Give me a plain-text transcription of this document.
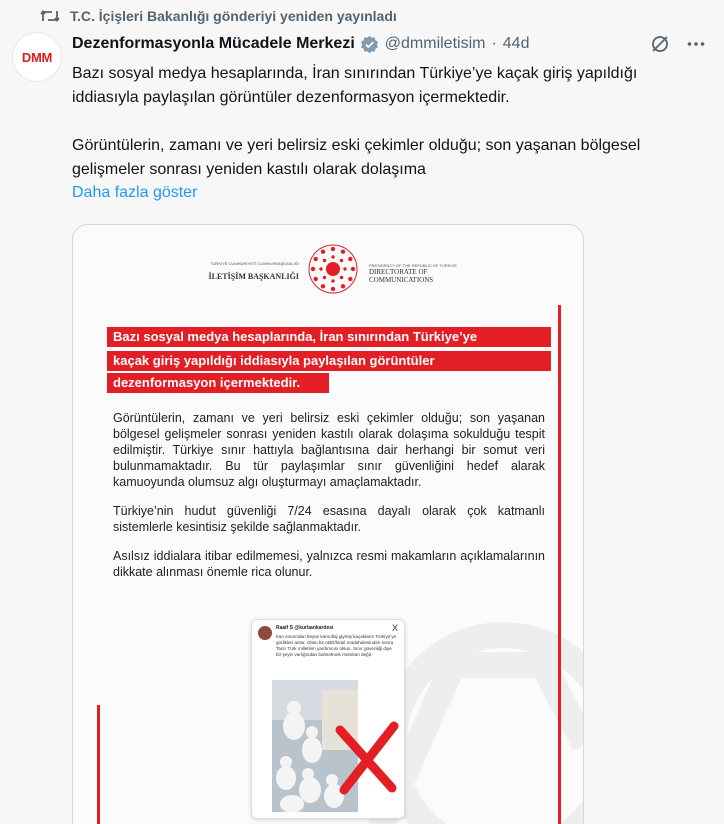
T.C. İçişleri Bakanlığı gönderiyi yeniden yayınladı
DMM
Dezenformasyonla Mücadele Merkezi @dmmiletisim · 44d

Bazı sosyal medya hesaplarında, İran sınırından Türkiye’ye kaçak giriş yapıldığı iddiasıyla paylaşılan görüntüler dezenformasyon içermektedir.

Görüntülerin, zamanı ve yeri belirsiz eski çekimler olduğu; son yaşanan bölgesel gelişmeler sonrası yeniden kastılı olarak dolaşıma

Daha fazla göster
TÜRKİYE CUMHURİYETİ CUMHURBAŞKANLIĞI
İLETİŞİM BAŞKANLIĞI
PRESIDENCY OF THE REPUBLIC OF TÜRKİYE
DIRECTORATE OF
COMMUNICATIONS
Bazı sosyal medya hesaplarında, İran sınırından Türkiye’ye
kaçak giriş yapıldığı iddiasıyla paylaşılan görüntüler
dezenformasyon içermektedir.
Görüntülerin, zamanı ve yeri belirsiz eski çekimler olduğu; son yaşanan bölgesel gelişmeler sonrası yeniden kastılı olarak dolaşıma sokulduğu tespit edilmiştir. Türkiye sınır hattıyla bağlantısına dair herhangi bir somut veri bulunmamaktadır. Bu tür paylaşımlar sınır güvenliğini hedef alarak kamuoyunda olumsuz algı oluşturmayı amaçlamaktadır.
Türkiye’nin hudut güvenliği 7/24 esasına dayalı olarak çok katmanlı sistemlerle kesintisiz şekilde sağlanmaktadır.
Asılsız iddialara itibar edilmemesi, yalnızca resmi makamların açıklamalarının dikkate alınması önemle rica olunur.
Raaif S @kurbankardesi	X
İran sınırından beyaz kamuflaj giymiş kaçakların Türkiye’ye girdikleri anlar. Olası bir ABD/İsrail müdahalesinden sonra Tanrı Türk milletinin yardımcısı olsun. Sınır güvenliği diye bir şeyin varlığından bahsetmek mümkün değil.
